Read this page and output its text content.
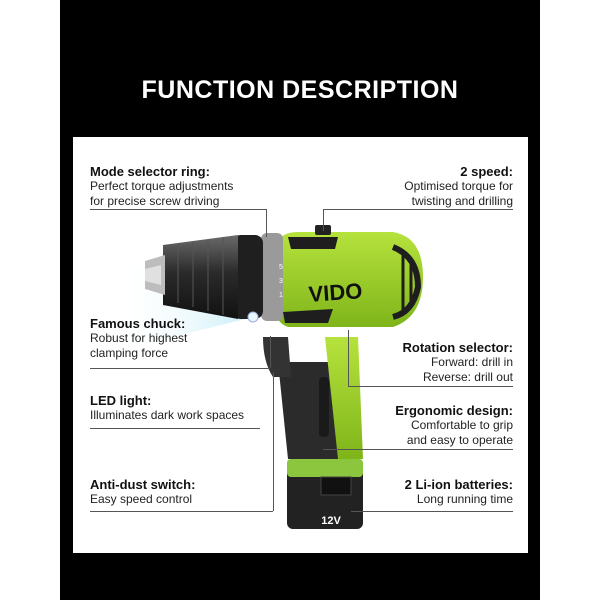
FUNCTION DESCRIPTION
12V
VIDO
5
3
1
Mode selector ring:
Perfect torque adjustments
for precise screw driving
Famous chuck:
Robust for highest
clamping force
LED light:
Illuminates dark work spaces
Anti-dust switch:
Easy speed control
2 speed:
Optimised torque for
twisting and drilling
Rotation selector:
Forward: drill in
Reverse: drill out
Ergonomic design:
Comfortable to grip
and easy to operate
2 Li-ion batteries:
Long running time
